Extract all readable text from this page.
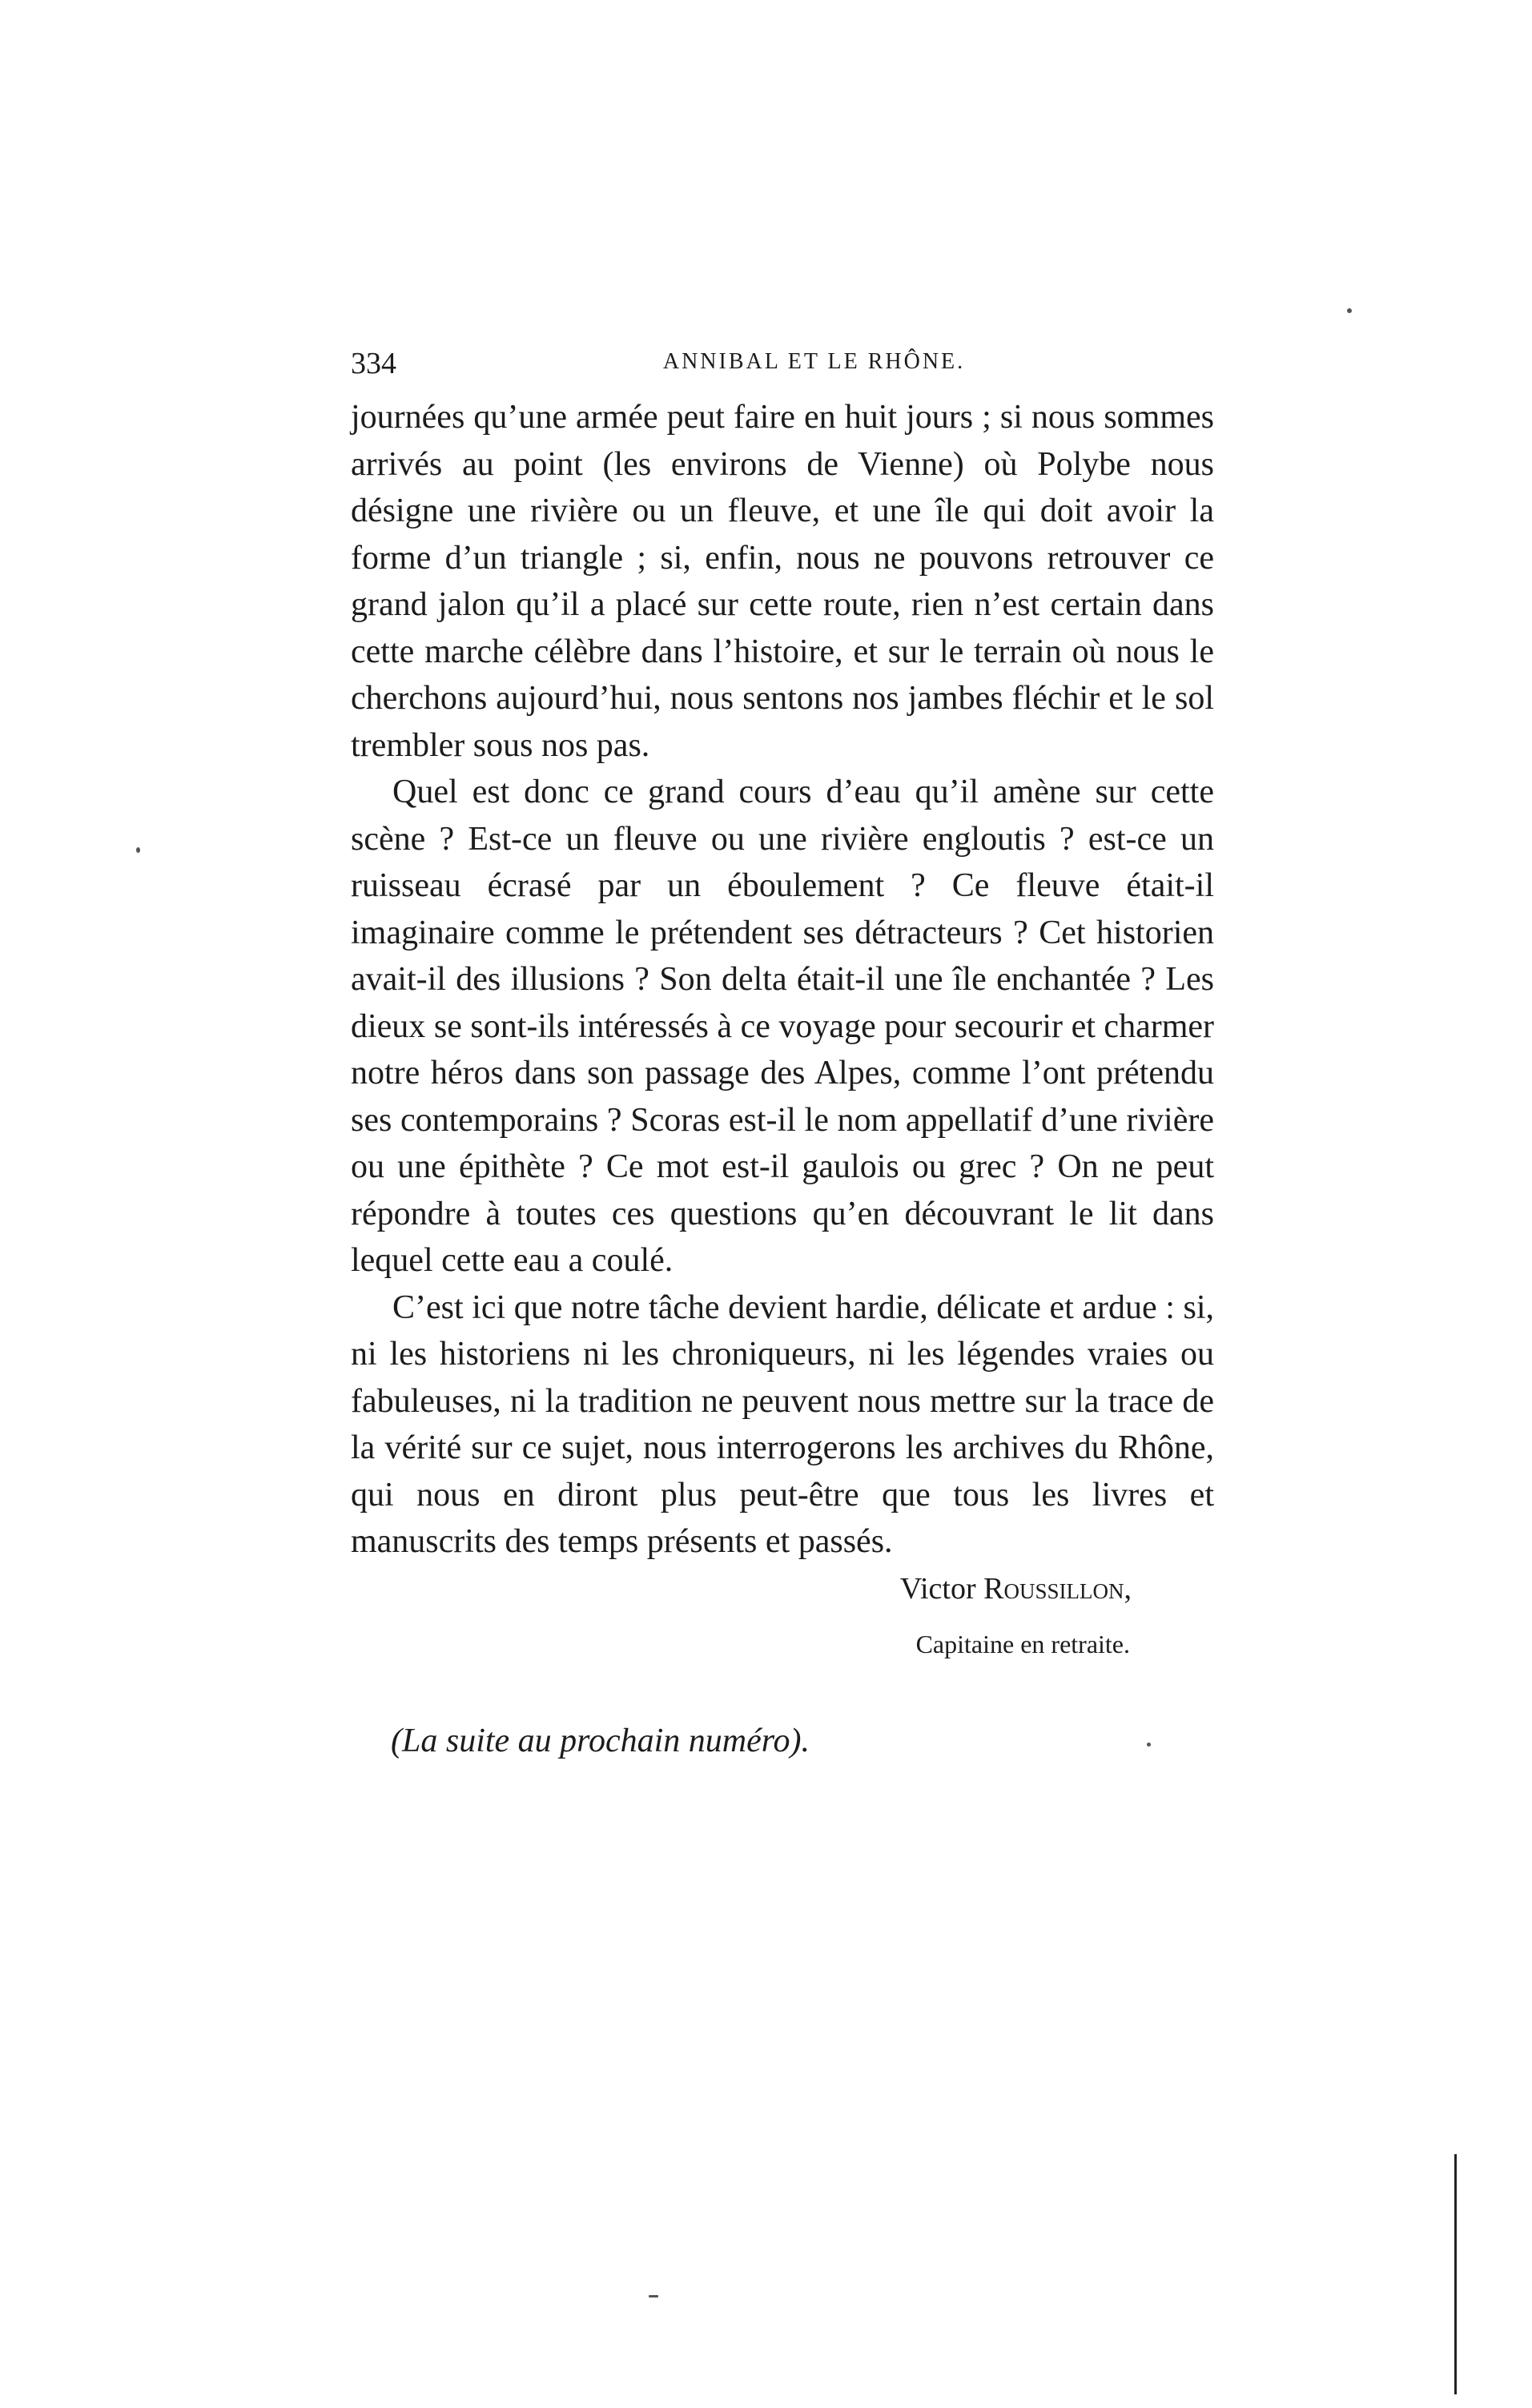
334	ANNIBAL ET LE RHÔNE.

journées qu’une armée peut faire en huit jours ; si nous sommes arrivés au point (les environs de Vienne) où Polybe nous désigne une rivière ou un fleuve, et une île qui doit avoir la forme d’un triangle ; si, enfin, nous ne pouvons retrouver ce grand jalon qu’il a placé sur cette route, rien n’est certain dans cette marche célèbre dans l’histoire, et sur le terrain où nous le cherchons aujourd’hui, nous sentons nos jambes fléchir et le sol trembler sous nos pas.

Quel est donc ce grand cours d’eau qu’il amène sur cette scène ? Est-ce un fleuve ou une rivière engloutis ? est-ce un ruisseau écrasé par un éboulement ? Ce fleuve était-il imaginaire comme le prétendent ses détracteurs ? Cet historien avait-il des illusions ? Son delta était-il une île enchantée ? Les dieux se sont-ils intéressés à ce voyage pour secourir et charmer notre héros dans son passage des Alpes, comme l’ont prétendu ses contemporains ? Scoras est-il le nom appellatif d’une rivière ou une épithète ? Ce mot est-il gaulois ou grec ? On ne peut répondre à toutes ces questions qu’en découvrant le lit dans lequel cette eau a coulé.

C’est ici que notre tâche devient hardie, délicate et ardue : si, ni les historiens ni les chroniqueurs, ni les légendes vraies ou fabuleuses, ni la tradition ne peuvent nous mettre sur la trace de la vérité sur ce sujet, nous interrogerons les archives du Rhône, qui nous en diront plus peut-être que tous les livres et manuscrits des temps présents et passés.

Victor Roussillon,
Capitaine en retraite.
(La suite au prochain numéro).
